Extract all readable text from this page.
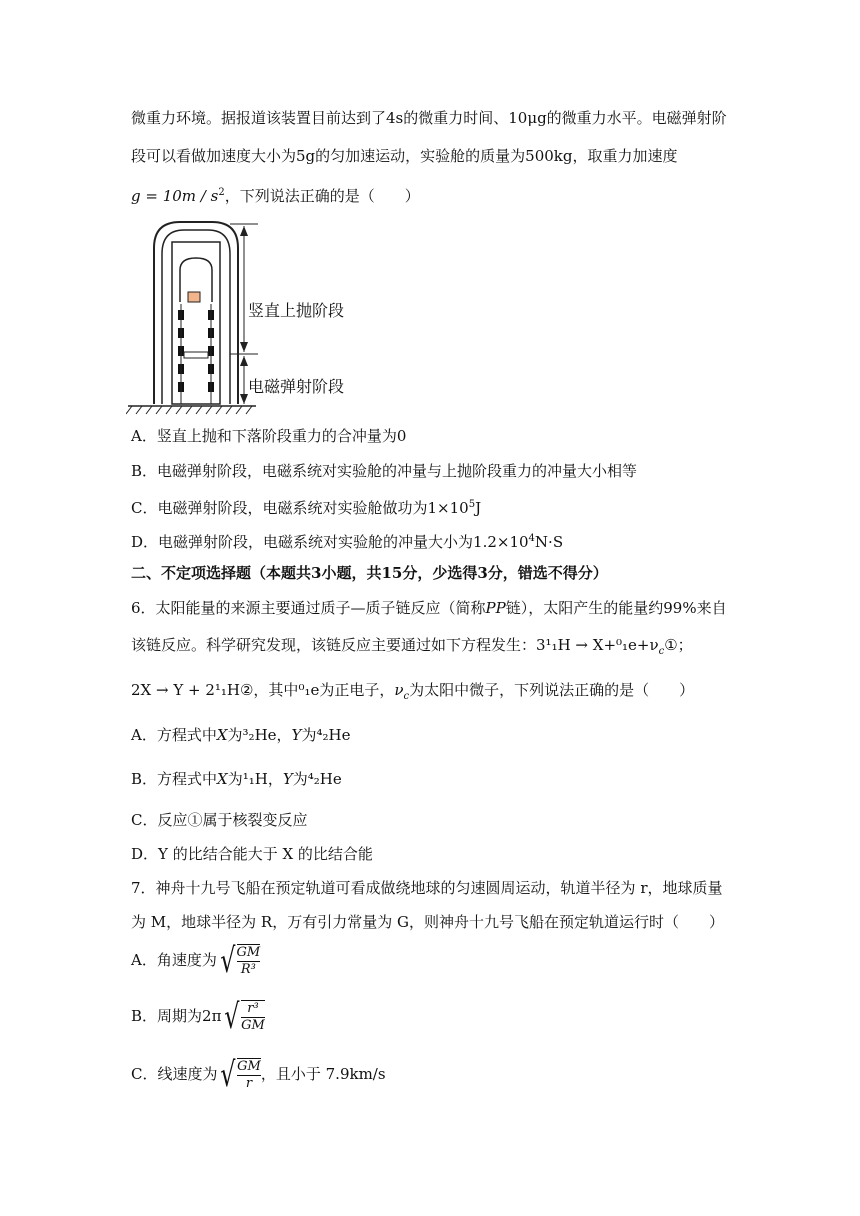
微重力环境。据报道该装置目前达到了4s的微重力时间、10μg的微重力水平。电磁弹射阶
段可以看做加速度大小为5g的匀加速运动，实验舱的质量为500kg，取重力加速度
$g = 10m / s^2$，下列说法正确的是（　　）
竖直上抛阶段
电磁弹射阶段
A．竖直上抛和下落阶段重力的合冲量为0
B．电磁弹射阶段，电磁系统对实验舱的冲量与上抛阶段重力的冲量大小相等
C．电磁弹射阶段，电磁系统对实验舱做功为$1\times 10^5J$
D．电磁弹射阶段，电磁系统对实验舱的冲量大小为$1.2\times 10^4N\cdot S$
二、不定项选择题（本题共3小题，共15分，少选得3分，错选不得分）
6．太阳能量的来源主要通过质子—质子链反应（简称PP链），太阳产生的能量约99%来自
该链反应。科学研究发现，该链反应主要通过如下方程发生：$3^1_1H \to X+^0_1e+\nu_c①$；
2X → Y + 2¹₁H②，其中⁰₁e为正电子，$\nu_c$为太阳中微子，下列说法正确的是（　　）
A．方程式中X为³₂He，Y为⁴₂He
B．方程式中X为¹₁H，Y为⁴₂He
C．反应①属于核裂变反应
D．Y 的比结合能大于 X 的比结合能
7．神舟十九号飞船在预定轨道可看成做绕地球的匀速圆周运动，轨道半径为 r，地球质量
为 M，地球半径为 R，万有引力常量为 G，则神舟十九号飞船在预定轨道运行时（　　）
A．角速度为 √ $\frac{GM}{\text{R³}}$
B．周期为2π √ $\frac{\text{r³}}{GM}$
C．线速度为 √ $\frac{GM}{r}$ ，且小于 7.9km/s
